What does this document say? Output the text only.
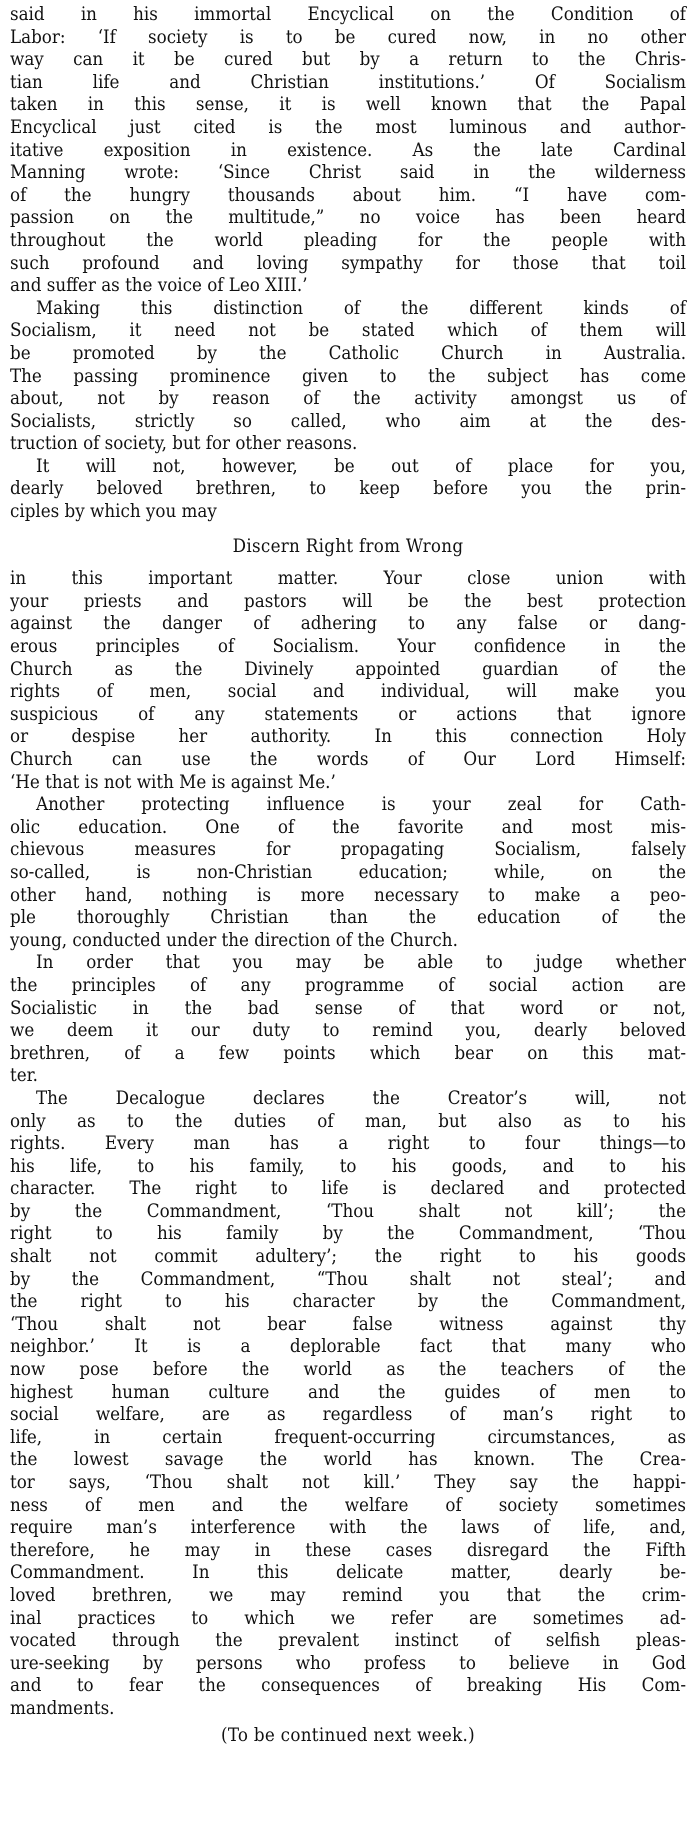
said in his immortal Encyclical on the Condition of
Labor: ‘If society is to be cured now, in no other
way can it be cured but by a return to the Chris-
tian life and Christian institutions.’ Of Socialism
taken in this sense, it is well known that the Papal
Encyclical just cited is the most luminous and author-
itative exposition in existence. As the late Cardinal
Manning wrote: ‘Since Christ said in the wilderness
of the hungry thousands about him. “I have com-
passion on the multitude,” no voice has been heard
throughout the world pleading for the people with
such profound and loving sympathy for those that toil
and suffer as the voice of Leo XIII.’
Making this distinction of the different kinds of
Socialism, it need not be stated which of them will
be promoted by the Catholic Church in Australia.
The passing prominence given to the subject has come
about, not by reason of the activity amongst us of
Socialists, strictly so called, who aim at the des-
truction of society, but for other reasons.
It will not, however, be out of place for you,
dearly beloved brethren, to keep before you the prin-
ciples by which you may
Discern Right from Wrong
in this important matter. Your close union with
your priests and pastors will be the best protection
against the danger of adhering to any false or dang-
erous principles of Socialism. Your confidence in the
Church as the Divinely appointed guardian of the
rights of men, social and individual, will make you
suspicious of any statements or actions that ignore
or despise her authority. In this connection Holy
Church can use the words of Our Lord Himself:
‘He that is not with Me is against Me.’
Another protecting influence is your zeal for Cath-
olic education. One of the favorite and most mis-
chievous measures for propagating Socialism, falsely
so-called, is non-Christian education; while, on the
other hand, nothing is more necessary to make a peo-
ple thoroughly Christian than the education of the
young, conducted under the direction of the Church.
In order that you may be able to judge whether
the principles of any programme of social action are
Socialistic in the bad sense of that word or not,
we deem it our duty to remind you, dearly beloved
brethren, of a few points which bear on this mat-
ter.
The Decalogue declares the Creator’s will, not
only as to the duties of man, but also as to his
rights. Every man has a right to four things—to
his life, to his family, to his goods, and to his
character. The right to life is declared and protected
by the Commandment, ‘Thou shalt not kill’; the
right to his family by the Commandment, ‘Thou
shalt not commit adultery’; the right to his goods
by the Commandment, “Thou shalt not steal’; and
the right to his character by the Commandment,
‘Thou shalt not bear false witness against thy
neighbor.’ It is a deplorable fact that many who
now pose before the world as the teachers of the
highest human culture and the guides of men to
social welfare, are as regardless of man’s right to
life, in certain frequent-occurring circumstances, as
the lowest savage the world has known. The Crea-
tor says, ‘Thou shalt not kill.’ They say the happi-
ness of men and the welfare of society sometimes
require man’s interference with the laws of life, and,
therefore, he may in these cases disregard the Fifth
Commandment. In this delicate matter, dearly be-
loved brethren, we may remind you that the crim-
inal practices to which we refer are sometimes ad-
vocated through the prevalent instinct of selfish pleas-
ure-seeking by persons who profess to believe in God
and to fear the consequences of breaking His Com-
mandments.
(To be continued next week.)
